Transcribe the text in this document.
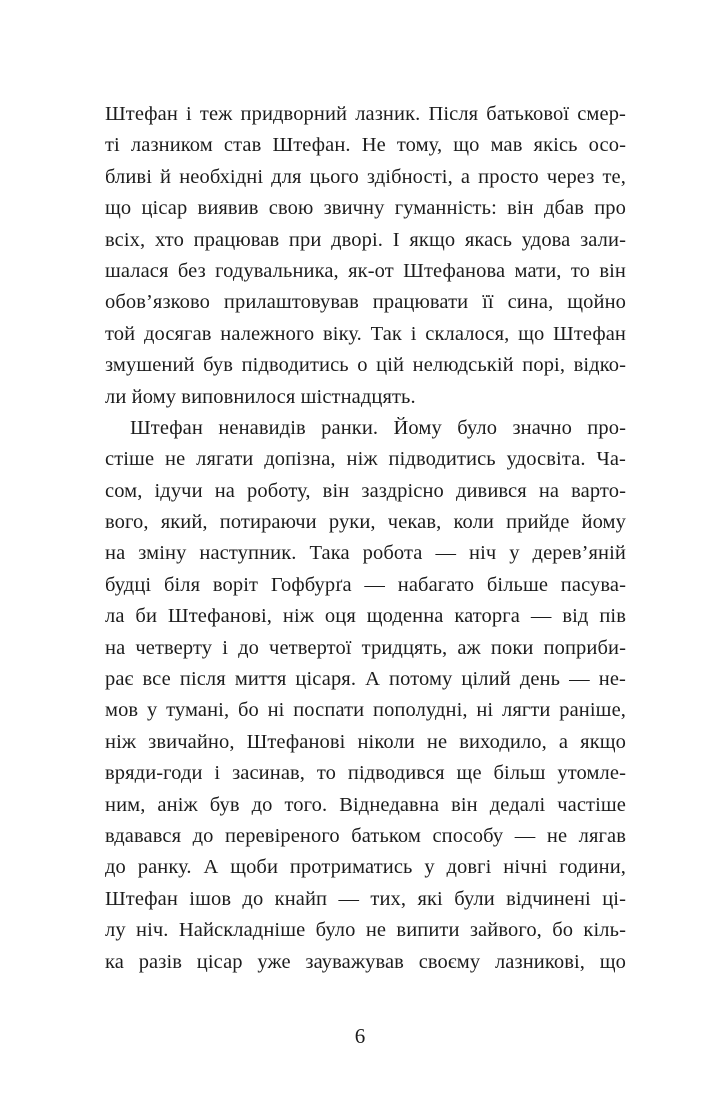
Штефан і теж придворний лазник. Після батькової смер-
ті лазником став Штефан. Не тому, що мав якісь осо-
бливі й необхідні для цього здібності, а просто через те,
що цісар виявив свою звичну гуманність: він дбав про
всіх, хто працював при дворі. І якщо якась удова зали-
шалася без годувальника, як-от Штефанова мати, то він
обов’язково прилаштовував працювати її сина, щойно
той досягав належного віку. Так і склалося, що Штефан
змушений був підводитись о цій нелюдській порі, відко-
ли йому виповнилося шістнадцять.
Штефан ненавидів ранки. Йому було значно про-
стіше не лягати допізна, ніж підводитись удосвіта. Ча-
сом, ідучи на роботу, він заздрісно дивився на варто-
вого, який, потираючи руки, чекав, коли прийде йому
на зміну наступник. Така робота — ніч у дерев’яній
будці біля воріт Гофбурґа — набагато більше пасува-
ла би Штефанові, ніж оця щоденна каторга — від пів
на четверту і до четвертої тридцять, аж поки поприби-
рає все після миття цісаря. А потому цілий день — не-
мов у тумані, бо ні поспати пополудні, ні лягти раніше,
ніж звичайно, Штефанові ніколи не виходило, а якщо
вряди-годи і засинав, то підводився ще більш утомле-
ним, аніж був до того. Віднедавна він дедалі частіше
вдавався до перевіреного батьком способу — не лягав
до ранку. А щоби протриматись у довгі нічні години,
Штефан ішов до кнайп — тих, які були відчинені ці-
лу ніч. Найскладніше було не випити зайвого, бо кіль-
ка разів цісар уже зауважував своєму лазникові, що
6
